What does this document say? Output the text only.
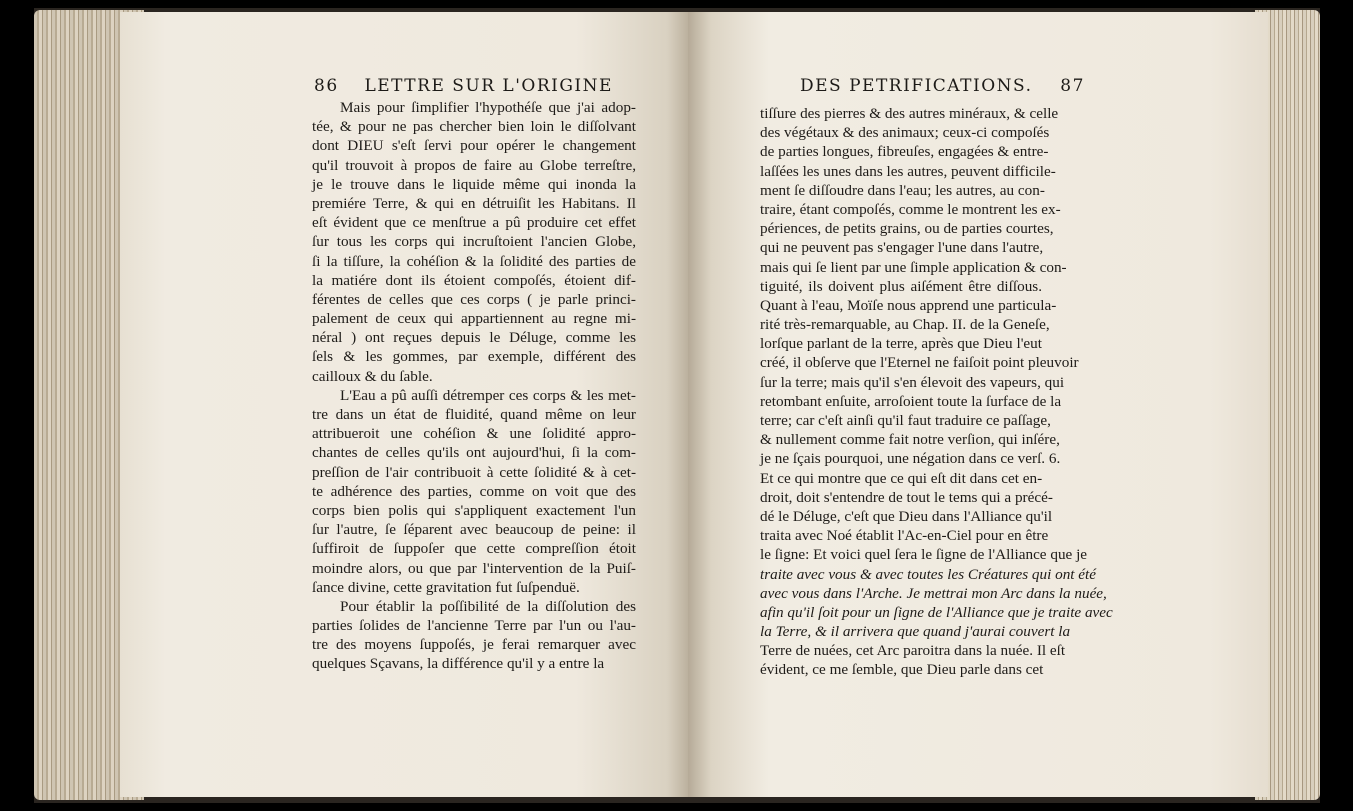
86 LETTRE SUR L'ORIGINE	DES PETRIFICATIONS. 87
Mais pour ſimplifier l'hypothéſe que j'ai adop-
tée, & pour ne pas chercher bien loin le diſſolvant
dont DIEU s'eſt ſervi pour opérer le changement
qu'il trouvoit à propos de faire au Globe terreſtre,
je le trouve dans le liquide même qui inonda la
premiére Terre, & qui en détruiſit les Habitans. Il
eſt évident que ce menſtrue a pû produire cet effet
ſur tous les corps qui incruſtoient l'ancien Globe,
ſi la tiſſure, la cohéſion & la ſolidité des parties de
la matiére dont ils étoient compoſés, étoient dif-
férentes de celles que ces corps ( je parle princi-
palement de ceux qui appartiennent au regne mi-
néral ) ont reçues depuis le Déluge, comme les
ſels & les gommes, par exemple, différent des
cailloux & du ſable.
L'Eau a pû auſſi détremper ces corps & les met-
tre dans un état de fluidité, quand même on leur
attribueroit une cohéſion & une ſolidité appro-
chantes de celles qu'ils ont aujourd'hui, ſi la com-
preſſion de l'air contribuoit à cette ſolidité & à cet-
te adhérence des parties, comme on voit que des
corps bien polis qui s'appliquent exactement l'un
ſur l'autre, ſe ſéparent avec beaucoup de peine: il
ſuffiroit de ſuppoſer que cette compreſſion étoit
moindre alors, ou que par l'intervention de la Puiſ-
ſance divine, cette gravitation fut ſuſpenduë.
Pour établir la poſſibilité de la diſſolution des
parties ſolides de l'ancienne Terre par l'un ou l'au-
tre des moyens ſuppoſés, je ferai remarquer avec
quelques Sçavans, la différence qu'il y a entre la
tiſſure des pierres & des autres minéraux, & celle
des végétaux & des animaux; ceux-ci compoſés
de parties longues, fibreuſes, engagées & entre-
laſſées les unes dans les autres, peuvent difficile-
ment ſe diſſoudre dans l'eau; les autres, au con-
traire, étant compoſés, comme le montrent les ex-
périences, de petits grains, ou de parties courtes,
qui ne peuvent pas s'engager l'une dans l'autre,
mais qui ſe lient par une ſimple application & con-
tiguité, ils doivent plus aiſément être diſſous.
Quant à l'eau, Moïſe nous apprend une particula-
rité très-remarquable, au Chap. II. de la Geneſe,
lorſque parlant de la terre, après que Dieu l'eut
créé, il obſerve que l'Eternel ne faiſoit point pleuvoir
ſur la terre; mais qu'il s'en élevoit des vapeurs, qui
retombant enſuite, arroſoient toute la ſurface de la
terre; car c'eſt ainſi qu'il faut traduire ce paſſage,
& nullement comme fait notre verſion, qui inſére,
je ne ſçais pourquoi, une négation dans ce verſ. 6.
Et ce qui montre que ce qui eſt dit dans cet en-
droit, doit s'entendre de tout le tems qui a précé-
dé le Déluge, c'eſt que Dieu dans l'Alliance qu'il
traita avec Noé établit l'Ac-en-Ciel pour en être
le ſigne: Et voici quel ſera le ſigne de l'Alliance que je
traite avec vous & avec toutes les Créatures qui ont été
avec vous dans l'Arche. Je mettrai mon Arc dans la nuée,
afin qu'il ſoit pour un ſigne de l'Alliance que je traite avec
la Terre, & il arrivera que quand j'aurai couvert la
Terre de nuées, cet Arc paroitra dans la nuée. Il eſt
évident, ce me ſemble, que Dieu parle dans cet
